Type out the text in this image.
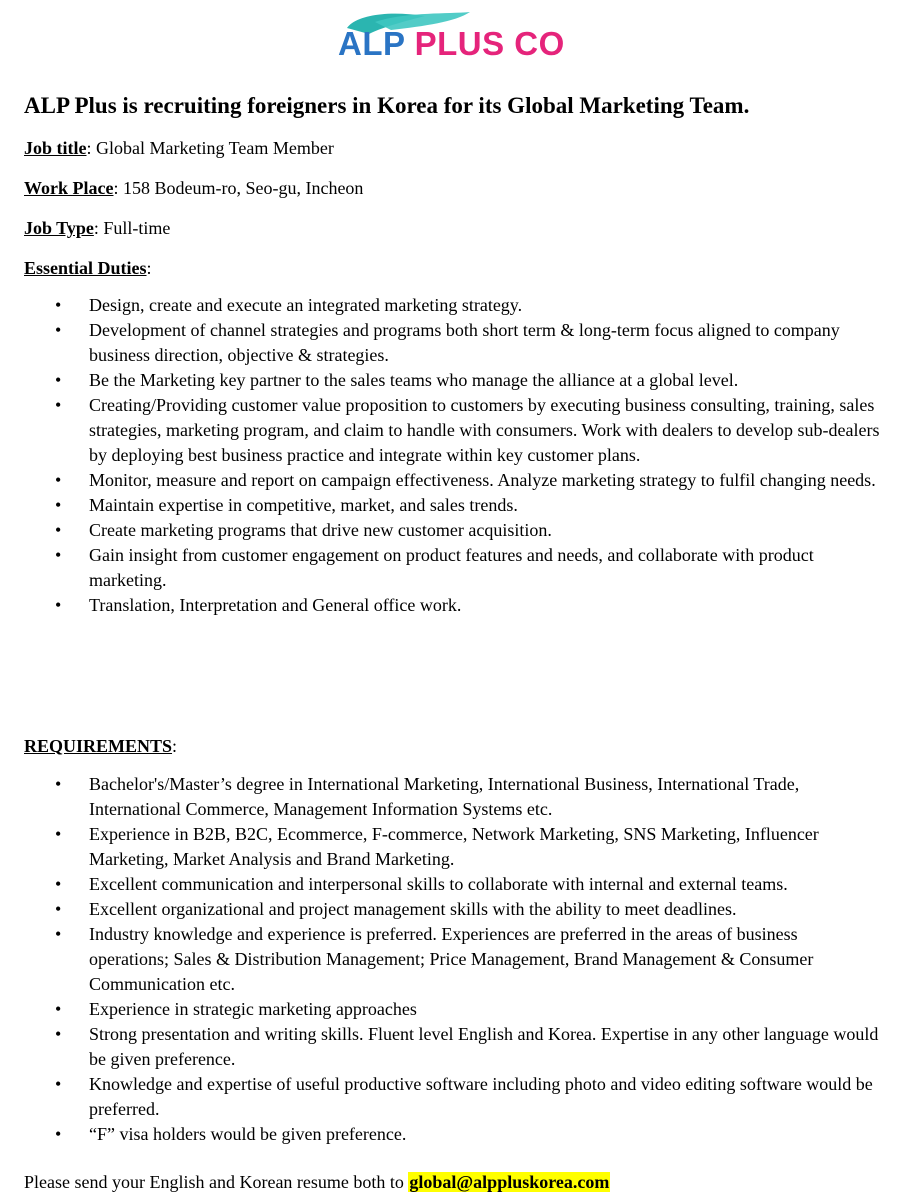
ALP PLUS CO
ALP Plus is recruiting foreigners in Korea for its Global Marketing Team.

Job title: Global Marketing Team Member

Work Place: 158 Bodeum-ro, Seo-gu, Incheon

Job Type: Full-time

Essential Duties:

• Design, create and execute an integrated marketing strategy.
• Development of channel strategies and programs both short term & long-term focus aligned to company business direction, objective & strategies.
• Be the Marketing key partner to the sales teams who manage the alliance at a global level.
• Creating/Providing customer value proposition to customers by executing business consulting, training, sales strategies, marketing program, and claim to handle with consumers. Work with dealers to develop sub-dealers by deploying best business practice and integrate within key customer plans.
• Monitor, measure and report on campaign effectiveness. Analyze marketing strategy to fulfil changing needs.
• Maintain expertise in competitive, market, and sales trends.
• Create marketing programs that drive new customer acquisition.
• Gain insight from customer engagement on product features and needs, and collaborate with product marketing.
• Translation, Interpretation and General office work.

REQUIREMENTS:

• Bachelor's/Master’s degree in International Marketing, International Business, International Trade, International Commerce, Management Information Systems etc.
• Experience in B2B, B2C, Ecommerce, F-commerce, Network Marketing, SNS Marketing, Influencer Marketing, Market Analysis and Brand Marketing.
• Excellent communication and interpersonal skills to collaborate with internal and external teams.
• Excellent organizational and project management skills with the ability to meet deadlines.
• Industry knowledge and experience is preferred. Experiences are preferred in the areas of business operations; Sales & Distribution Management; Price Management, Brand Management & Consumer Communication etc.
• Experience in strategic marketing approaches
• Strong presentation and writing skills. Fluent level English and Korea. Expertise in any other language would be given preference.
• Knowledge and expertise of useful productive software including photo and video editing software would be preferred.
• “F” visa holders would be given preference.

Please send your English and Korean resume both to global@alppluskorea.com
